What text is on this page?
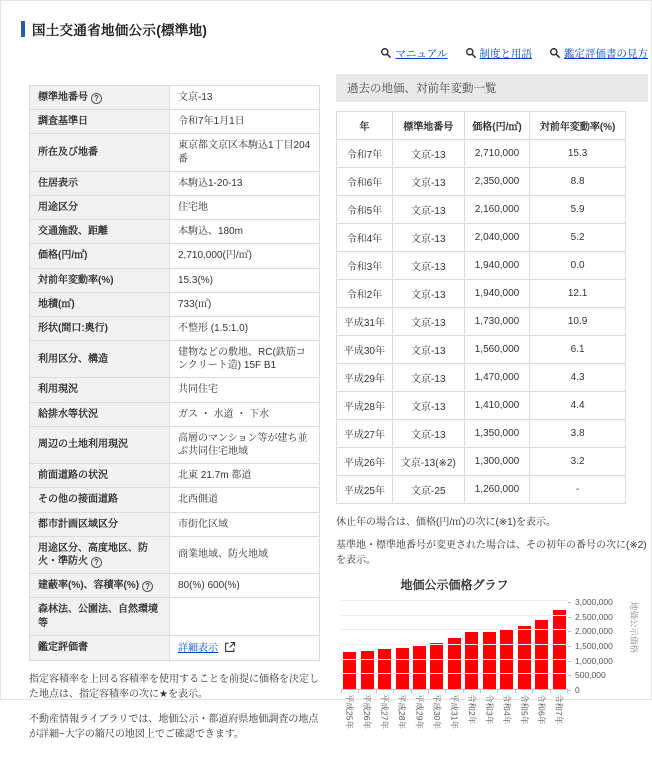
国土交通省地価公示(標準地)
標準地番号 ?	文京-13
調査基準日	令和7年1月1日
所在及び地番	東京都文京区本駒込1丁目204番
住居表示	本駒込1-20-13
用途区分	住宅地
交通施設、距離	本駒込、180m
価格(円/㎡)	2,710,000(円/㎡)
対前年変動率(%)	15.3(%)
地積(㎡)	733(㎡)
形状(間口:奥行)	不整形 (1.5:1.0)
利用区分、構造	建物などの敷地、RC(鉄筋コンクリート造) 15F B1
利用現況	共同住宅
給排水等状況	ガス ・ 水道 ・ 下水
周辺の土地利用現況	高層のマンション等が建ち並ぶ共同住宅地域
前面道路の状況	北東 21.7m 都道
その他の接面道路	北西側道
都市計画区域区分	市街化区域
用途区分、高度地区、防火・準防火 ?	商業地域、防火地域
建蔽率(%)、容積率(%) ?	80(%) 600(%)
森林法、公園法、自然環境等	
鑑定評価書	詳細表示

指定容積率を上回る容積率を使用することを前提に価格を決定した地点は、指定容積率の次に★を表示。

不動産情報ライブラリでは、地価公示・都道府県地価調査の地点が詳細~大字の縮尺の地図上でご確認できます。

マニュアル	制度と用語	鑑定評価書の見方
過去の地価、対前年変動一覧
年	標準地番号	価格(円/㎡)	対前年変動率(%)
令和7年	文京-13	2,710,000	15.3
令和6年	文京-13	2,350,000	8.8
令和5年	文京-13	2,160,000	5.9
令和4年	文京-13	2,040,000	5.2
令和3年	文京-13	1,940,000	0.0
令和2年	文京-13	1,940,000	12.1
平成31年	文京-13	1,730,000	10.9
平成30年	文京-13	1,560,000	6.1
平成29年	文京-13	1,470,000	4.3
平成28年	文京-13	1,410,000	4.4
平成27年	文京-13	1,350,000	3.8
平成26年	文京-13(※2)	1,300,000	3.2
平成25年	文京-25	1,260,000	-

休止年の場合は、価格(円/㎡)の次に(※1)を表示。

基準地・標準地番号が変更された場合は、その初年の番号の次に(※2)を表示。

地価公示価格グラフ
0
500,000
1,000,000
1,500,000
2,000,000
2,500,000
3,000,000 地価公示価格
平成25年 平成26年 平成27年 平成28年 平成29年 平成30年 平成31年 令和2年 令和3年 令和4年 令和5年 令和6年 令和7年
